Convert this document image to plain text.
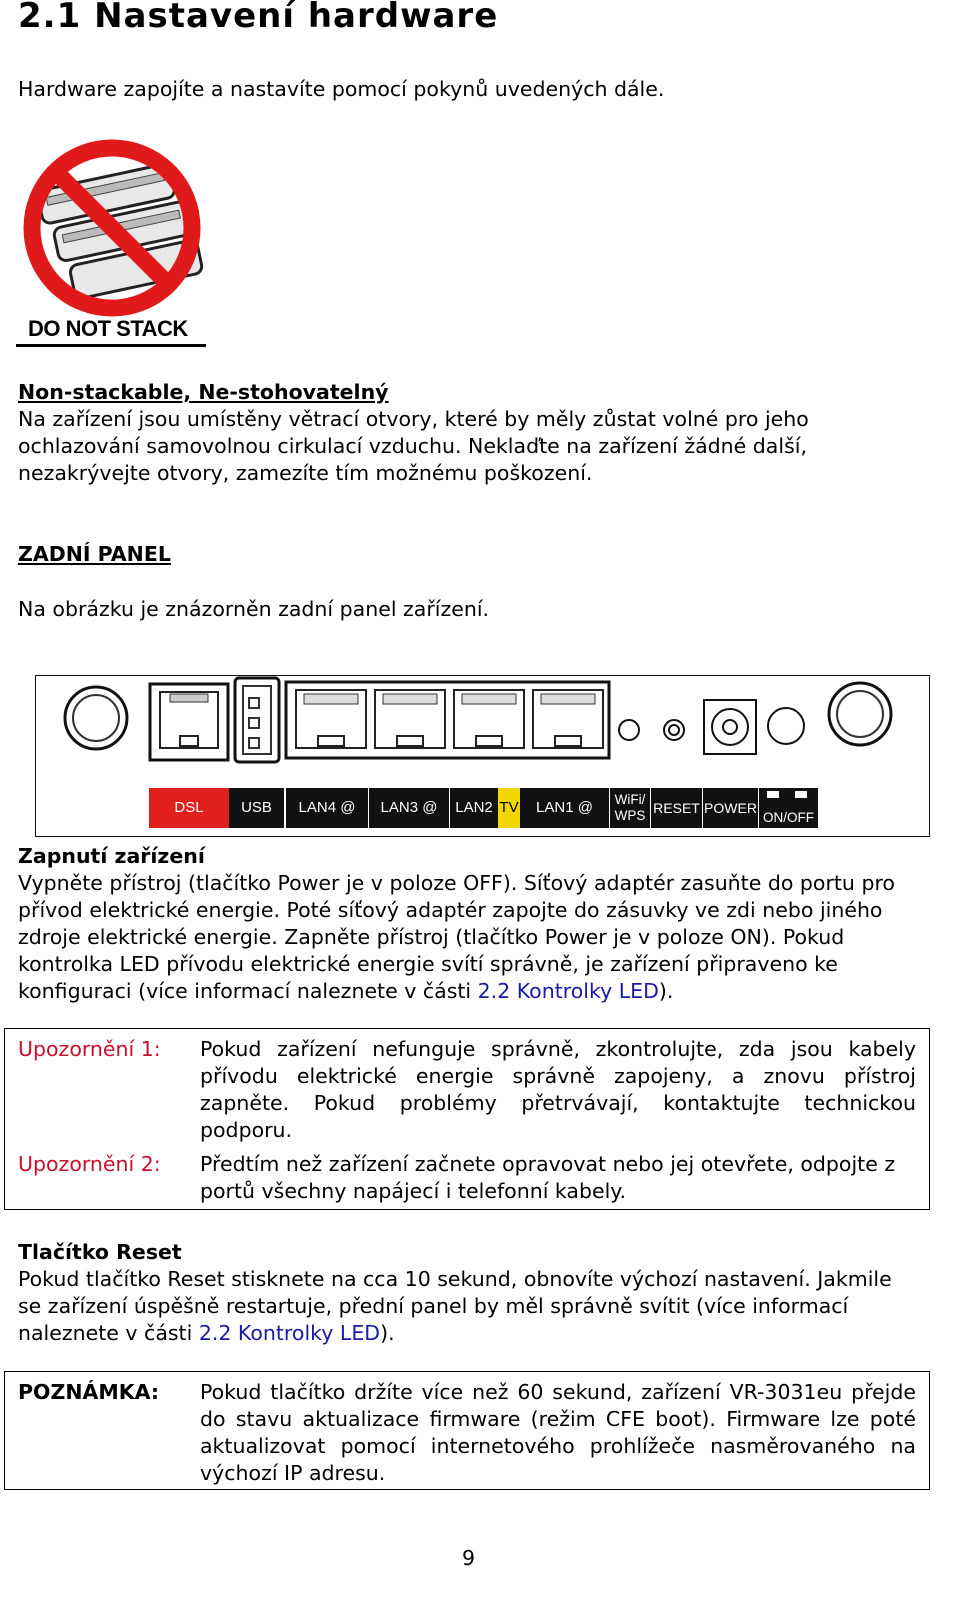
2.1 Nastavení hardware
Hardware zapojíte a nastavíte pomocí pokynů uvedených dále.
DO NOT STACK
Non-stackable, Ne-stohovatelný
Na zařízení jsou umístěny větrací otvory, které by měly zůstat volné pro jeho ochlazování samovolnou cirkulací vzduchu. Neklaďte na zařízení žádné další, nezakrývejte otvory, zamezíte tím možnému poškození.
ZADNÍ PANEL
Na obrázku je znázorněn zadní panel zařízení.
DSL USB LAN4 @ LAN3 @ LAN2 TV LAN1 @ WiFi/
WPS RESET POWER
ON/OFF
Zapnutí zařízení
Vypněte přístroj (tlačítko Power je v poloze OFF). Síťový adaptér zasuňte do portu pro přívod elektrické energie. Poté síťový adaptér zapojte do zásuvky ve zdi nebo jiného zdroje elektrické energie. Zapněte přístroj (tlačítko Power je v poloze ON). Pokud kontrolka LED přívodu elektrické energie svítí správně, je zařízení připraveno ke konfiguraci (více informací naleznete v části 2.2 Kontrolky LED).
Upozornění 1: Pokud zařízení nefunguje správně, zkontrolujte, zda jsou kabely přívodu elektrické energie správně zapojeny, a znovu přístroj zapněte. Pokud problémy přetrvávají, kontaktujte technickou podporu.
Upozornění 2: Předtím než zařízení začnete opravovat nebo jej otevřete, odpojte z portů všechny napájecí i telefonní kabely.
Tlačítko Reset
Pokud tlačítko Reset stisknete na cca 10 sekund, obnovíte výchozí nastavení. Jakmile se zařízení úspěšně restartuje, přední panel by měl správně svítit (více informací naleznete v části 2.2 Kontrolky LED).
POZNÁMKA: Pokud tlačítko držíte více než 60 sekund, zařízení VR-3031eu přejde do stavu aktualizace firmware (režim CFE boot). Firmware lze poté aktualizovat pomocí internetového prohlížeče nasměrovaného na výchozí IP adresu.
9
